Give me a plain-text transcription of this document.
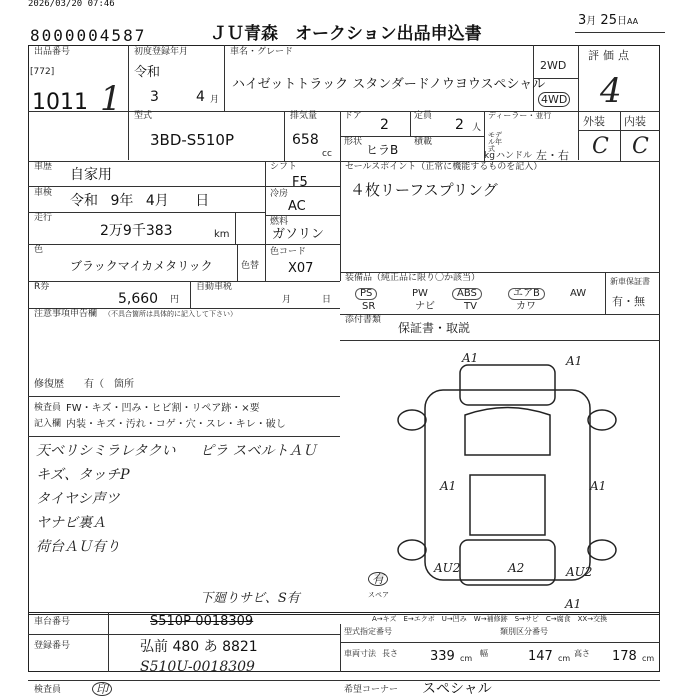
2026/03/20 07:46
8000004587	ＪＵ青森　オークション出品申込書
3月 25日AA
出品番号
[772]
1011 1
初度登録年月
令和
3	4 月
車名・グレード
ハイゼットトラック スタンダードノウヨウスペシャル
2WD
4WD
評価点
4
型式
3BD-S510P
排気量
658
cc
ドア
2
定員
2 人
ディーラー・並行
モデル年式
形状
ヒラB
積載
kg ハンドル 左・右
外装 内装
C C
車歴 自家用	シフト
F5
車検 令和 9年 4月 日	冷房
AC
走行
2万9千383	km
燃料
ガソリン
色
ブラックマイカメタリック	色替
色コード
X07
セールスポイント（正常に機能するものを記入）
４枚リーフスプリング
R券
5,660 円
自動車税
月	日
装備品（純正品に限り〇か該当）	新車保証書
有・無
PS	PW	ABS	エアB	AW
SR	ナビ	TV	カワ
添付書類
保証書・取説
注意事項申告欄 （不具合箇所は具体的に記入して下さい）
修復歴 有（　箇所
検査員
記入欄
FW・キズ・凹み・ヒビ割・リペア跡・×要
内装・キズ・汚れ・コゲ・穴・スレ・キレ・破し
天ベリシミラレタクい
キズ、タッチP
タイヤシ声ツ
ヤナビ裏Ａ
荷台ＡＵ有り
ピラ スベルトＡＵ
A1	A1
A1	A1
AU2	A2	AU2
A1
有
スペア
下廻りサビ、S有
A→キズ　E→エクボ　U→凹み　W→補修跡　S→サビ　C→腐食　XX→交換
車台番号	S510P-0018309
登録番号	弘前 480 あ 8821
S510U-0018309
型式指定番号	類別区分番号
車両寸法 長さ 339 cm
幅	147 cm
高さ 178 cm
検査員	印	希望コーナー スペシャル
